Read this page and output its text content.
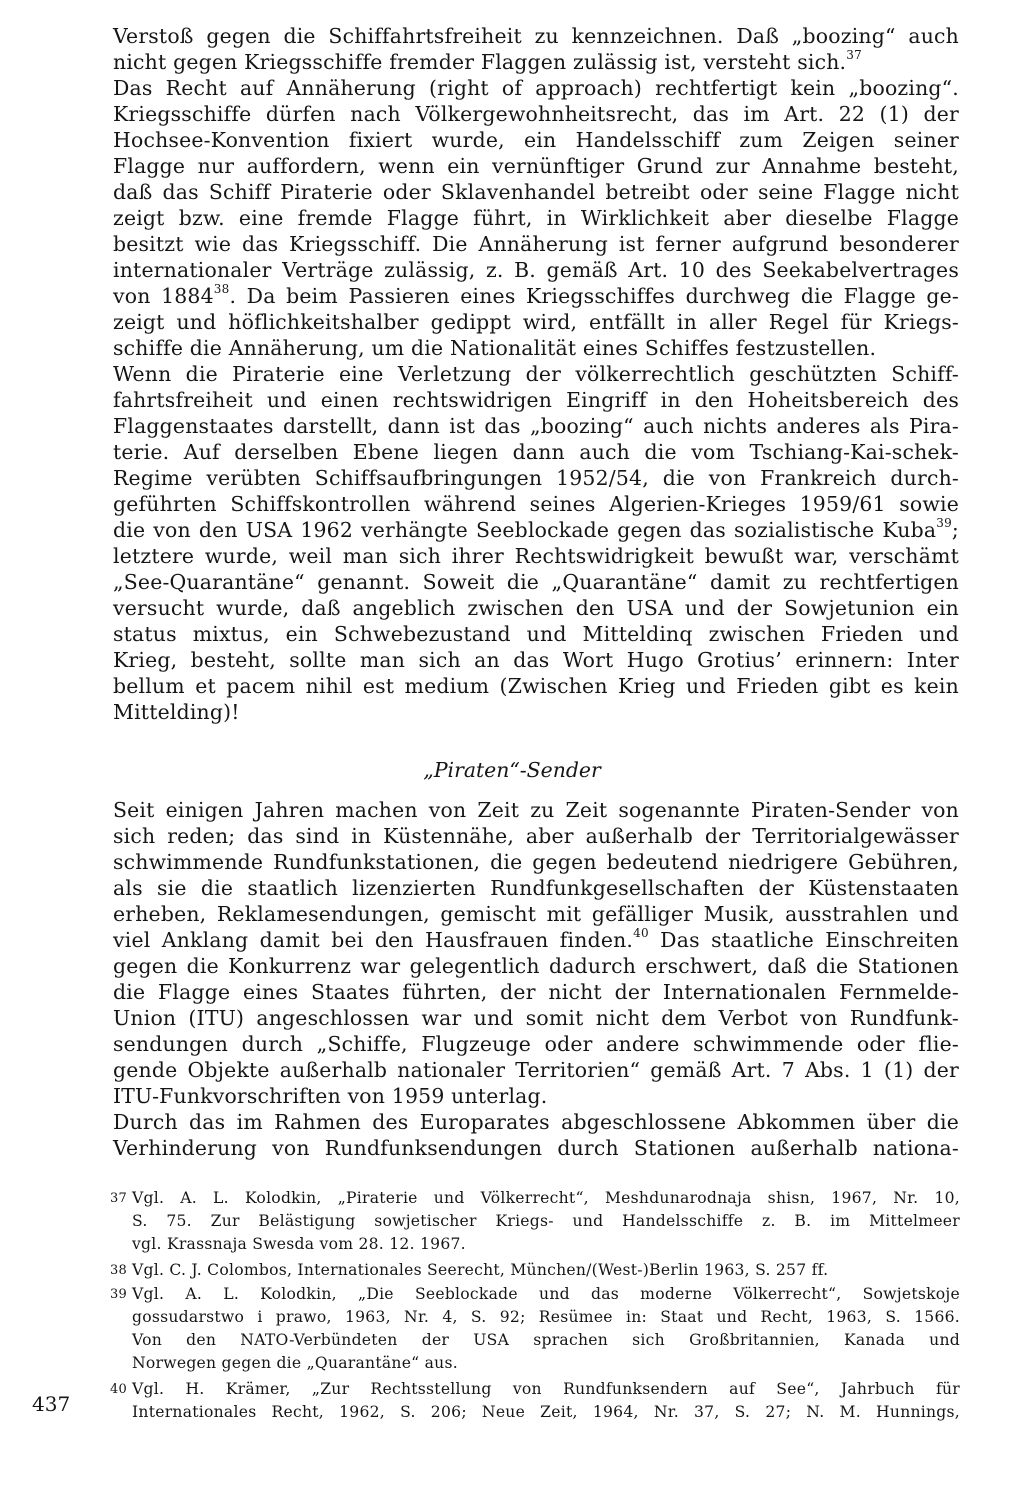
Verstoß gegen die Schiffahrtsfreiheit zu kennzeichnen. Daß „boozing“ auch
nicht gegen Kriegsschiffe fremder Flaggen zulässig ist, versteht sich.$^{37}$
Das Recht auf Annäherung (right of approach) rechtfertigt kein „boozing“.
Kriegsschiffe dürfen nach Völkergewohnheitsrecht, das im Art. 22 (1) der
Hochsee-Konvention fixiert wurde, ein Handelsschiff zum Zeigen seiner
Flagge nur auffordern, wenn ein vernünftiger Grund zur Annahme besteht,
daß das Schiff Piraterie oder Sklavenhandel betreibt oder seine Flagge nicht
zeigt bzw. eine fremde Flagge führt, in Wirklichkeit aber dieselbe Flagge
besitzt wie das Kriegsschiff. Die Annäherung ist ferner aufgrund besonderer
internationaler Verträge zulässig, z. B. gemäß Art. 10 des Seekabelvertrages
von 1884$^{38}$. Da beim Passieren eines Kriegsschiffes durchweg die Flagge ge-
zeigt und höflichkeitshalber gedippt wird, entfällt in aller Regel für Kriegs-
schiffe die Annäherung, um die Nationalität eines Schiffes festzustellen.
Wenn die Piraterie eine Verletzung der völkerrechtlich geschützten Schiff-
fahrtsfreiheit und einen rechtswidrigen Eingriff in den Hoheitsbereich des
Flaggenstaates darstellt, dann ist das „boozing“ auch nichts anderes als Pira-
terie. Auf derselben Ebene liegen dann auch die vom Tschiang-Kai-schek-
Regime verübten Schiffsaufbringungen 1952/54, die von Frankreich durch-
geführten Schiffskontrollen während seines Algerien-Krieges 1959/61 sowie
die von den USA 1962 verhängte Seeblockade gegen das sozialistische Kuba$^{39}$;
letztere wurde, weil man sich ihrer Rechtswidrigkeit bewußt war, verschämt
„See-Quarantäne“ genannt. Soweit die „Quarantäne“ damit zu rechtfertigen
versucht wurde, daß angeblich zwischen den USA und der Sowjetunion ein
status mixtus, ein Schwebezustand und Mitteldinq zwischen Frieden und
Krieg, besteht, sollte man sich an das Wort Hugo Grotius’ erinnern: Inter
bellum et pacem nihil est medium (Zwischen Krieg und Frieden gibt es kein
Mittelding)!
„Piraten“-Sender
Seit einigen Jahren machen von Zeit zu Zeit sogenannte Piraten-Sender von
sich reden; das sind in Küstennähe, aber außerhalb der Territorialgewässer
schwimmende Rundfunkstationen, die gegen bedeutend niedrigere Gebühren,
als sie die staatlich lizenzierten Rundfunkgesellschaften der Küstenstaaten
erheben, Reklamesendungen, gemischt mit gefälliger Musik, ausstrahlen und
viel Anklang damit bei den Hausfrauen finden.$^{40}$ Das staatliche Einschreiten
gegen die Konkurrenz war gelegentlich dadurch erschwert, daß die Stationen
die Flagge eines Staates führten, der nicht der Internationalen Fernmelde-
Union (ITU) angeschlossen war und somit nicht dem Verbot von Rundfunk-
sendungen durch „Schiffe, Flugzeuge oder andere schwimmende oder flie-
gende Objekte außerhalb nationaler Territorien“ gemäß Art. 7 Abs. 1 (1) der
ITU-Funkvorschriften von 1959 unterlag.
Durch das im Rahmen des Europarates abgeschlossene Abkommen über die
Verhinderung von Rundfunksendungen durch Stationen außerhalb nationa-
37 Vgl. A. L. Kolodkin, „Piraterie und Völkerrecht“, Meshdunarodnaja shisn, 1967, Nr. 10,
S. 75. Zur Belästigung sowjetischer Kriegs- und Handelsschiffe z. B. im Mittelmeer
vgl. Krassnaja Swesda vom 28. 12. 1967.
38 Vgl. C. J. Colombos, Internationales Seerecht, München/(West-)Berlin 1963, S. 257 ff.
39 Vgl. A. L. Kolodkin, „Die Seeblockade und das moderne Völkerrecht“, Sowjetskoje
gossudarstwo i prawo, 1963, Nr. 4, S. 92; Resümee in: Staat und Recht, 1963, S. 1566.
Von den NATO-Verbündeten der USA sprachen sich Großbritannien, Kanada und
Norwegen gegen die „Quarantäne“ aus.
40 Vgl. H. Krämer, „Zur Rechtsstellung von Rundfunksendern auf See“, Jahrbuch für
Internationales Recht, 1962, S. 206; Neue Zeit, 1964, Nr. 37, S. 27; N. M. Hunnings,
437
